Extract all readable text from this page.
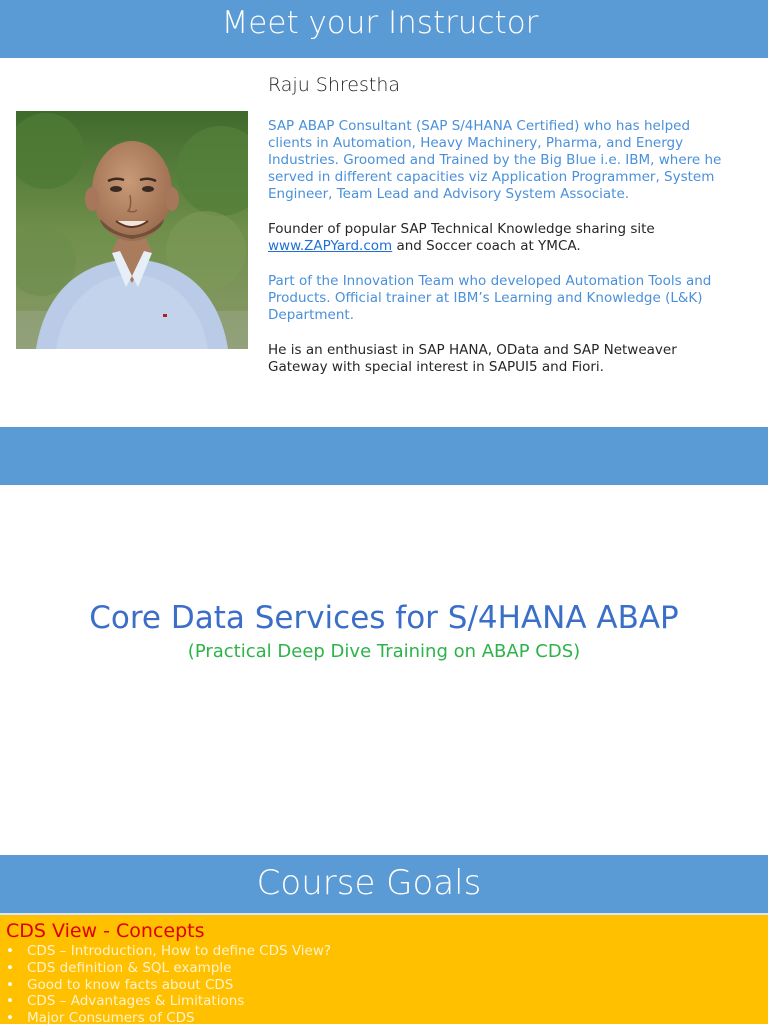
Meet your Instructor
Raju Shrestha

SAP ABAP Consultant (SAP S/4HANA Certified) who has helped clients in Automation, Heavy Machinery, Pharma, and Energy Industries. Groomed and Trained by the Big Blue i.e. IBM, where he served in different capacities viz Application Programmer, System Engineer, Team Lead and Advisory System Associate.

Founder of popular SAP Technical Knowledge sharing site www.ZAPYard.com and Soccer coach at YMCA.

Part of the Innovation Team who developed Automation Tools and Products. Official trainer at IBM’s Learning and Knowledge (L&K) Department.

He is an enthusiast in SAP HANA, OData and SAP Netweaver Gateway with special interest in SAPUI5 and Fiori.

Core Data Services for S/4HANA ABAP
(Practical Deep Dive Training on ABAP CDS)
Course Goals
CDS View - Concepts
• CDS – Introduction, How to define CDS View?
• CDS definition & SQL example
• Good to know facts about CDS
• CDS – Advantages & Limitations
• Major Consumers of CDS
